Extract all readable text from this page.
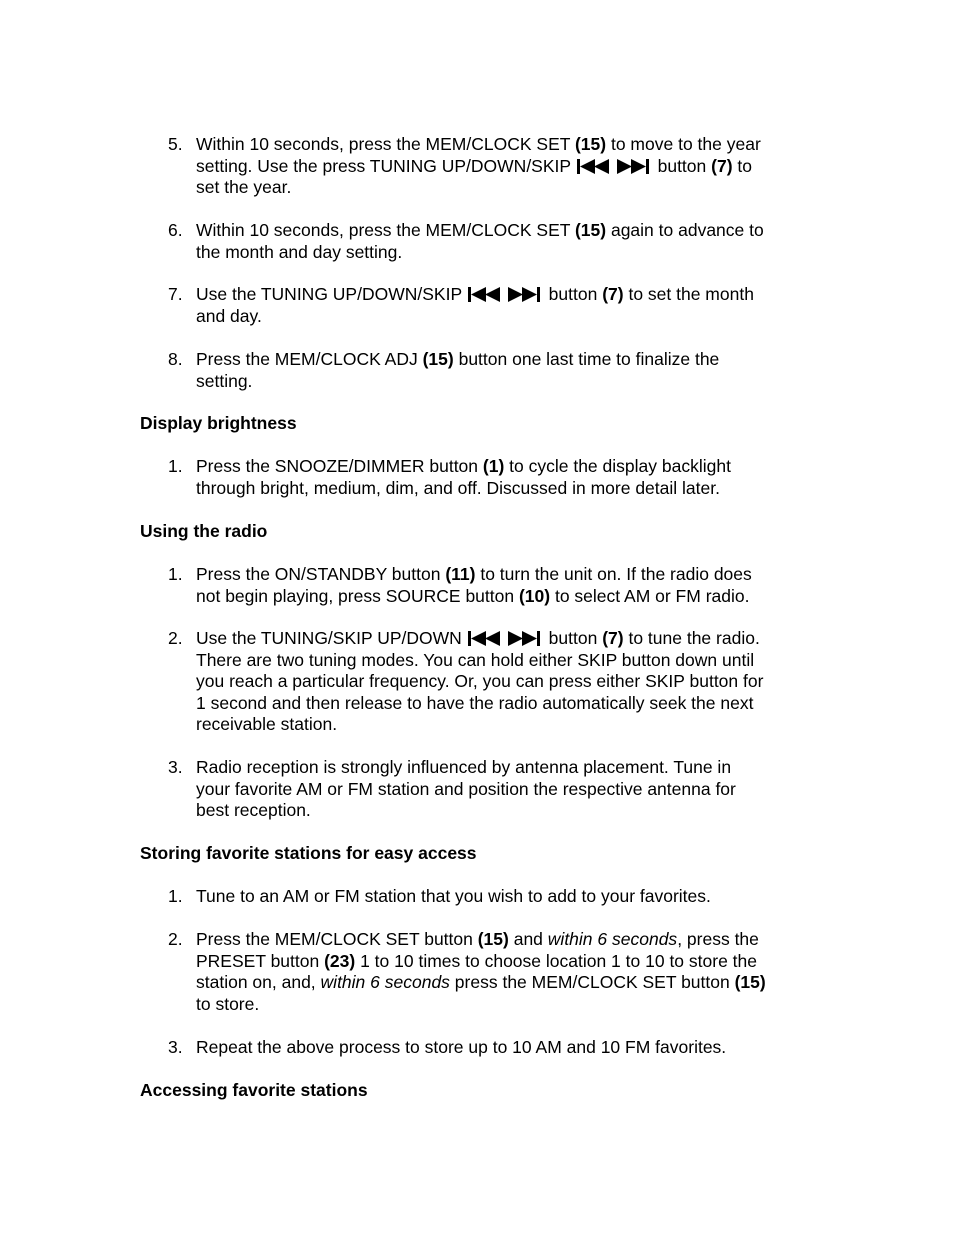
5. Within 10 seconds, press the MEM/CLOCK SET (15) to move to the year
setting. Use the press TUNING UP/DOWN/SKIP	button (7) to
set the year.
6. Within 10 seconds, press the MEM/CLOCK SET (15) again to advance to
the month and day setting.
7. Use the TUNING UP/DOWN/SKIP	button (7) to set the month
and day.
8. Press the MEM/CLOCK ADJ (15) button one last time to finalize the
setting.
Display brightness
1. Press the SNOOZE/DIMMER button (1) to cycle the display backlight
through bright, medium, dim, and off. Discussed in more detail later.
Using the radio
1. Press the ON/STANDBY button (11) to turn the unit on. If the radio does
not begin playing, press SOURCE button (10) to select AM or FM radio.
2. Use the TUNING/SKIP UP/DOWN	button (7) to tune the radio.
There are two tuning modes. You can hold either SKIP button down until
you reach a particular frequency. Or, you can press either SKIP button for
1 second and then release to have the radio automatically seek the next
receivable station.
3. Radio reception is strongly influenced by antenna placement. Tune in
your favorite AM or FM station and position the respective antenna for
best reception.
Storing favorite stations for easy access
1. Tune to an AM or FM station that you wish to add to your favorites.
2. Press the MEM/CLOCK SET button (15) and within 6 seconds, press the
PRESET button (23) 1 to 10 times to choose location 1 to 10 to store the
station on, and, within 6 seconds press the MEM/CLOCK SET button (15)
to store.
3. Repeat the above process to store up to 10 AM and 10 FM favorites.
Accessing favorite stations
